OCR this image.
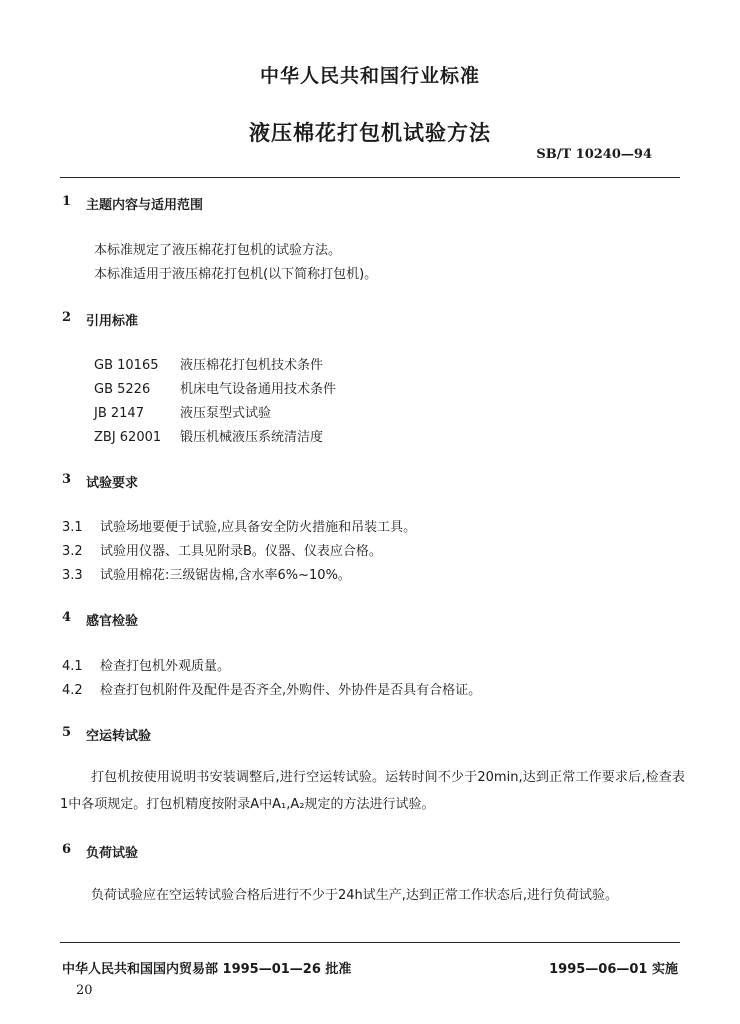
中华人民共和国行业标准
液压棉花打包机试验方法
SB/T 10240—94
1 主题内容与适用范围
本标准规定了液压棉花打包机的试验方法。
本标准适用于液压棉花打包机(以下简称打包机)。
2 引用标准
GB 10165 液压棉花打包机技术条件
GB 5226 机床电气设备通用技术条件
JB 2147	液压泵型式试验
ZBJ 62001 锻压机械液压系统清洁度
3 试验要求
3.1 试验场地要便于试验,应具备安全防火措施和吊装工具。
3.2 试验用仪器、工具见附录B。仪器、仪表应合格。
3.3 试验用棉花:三级锯齿棉,含水率6%~10%。
4 感官检验
4.1 检查打包机外观质量。
4.2 检查打包机附件及配件是否齐全,外购件、外协件是否具有合格证。
5 空运转试验
打包机按使用说明书安装调整后,进行空运转试验。运转时间不少于20min,达到正常工作要求后,检查表1中各项规定。打包机精度按附录A中A₁,A₂规定的方法进行试验。
6 负荷试验
负荷试验应在空运转试验合格后进行不少于24h试生产,达到正常工作状态后,进行负荷试验。
中华人民共和国国内贸易部 1995—01—26 批准	1995—06—01 实施
20
